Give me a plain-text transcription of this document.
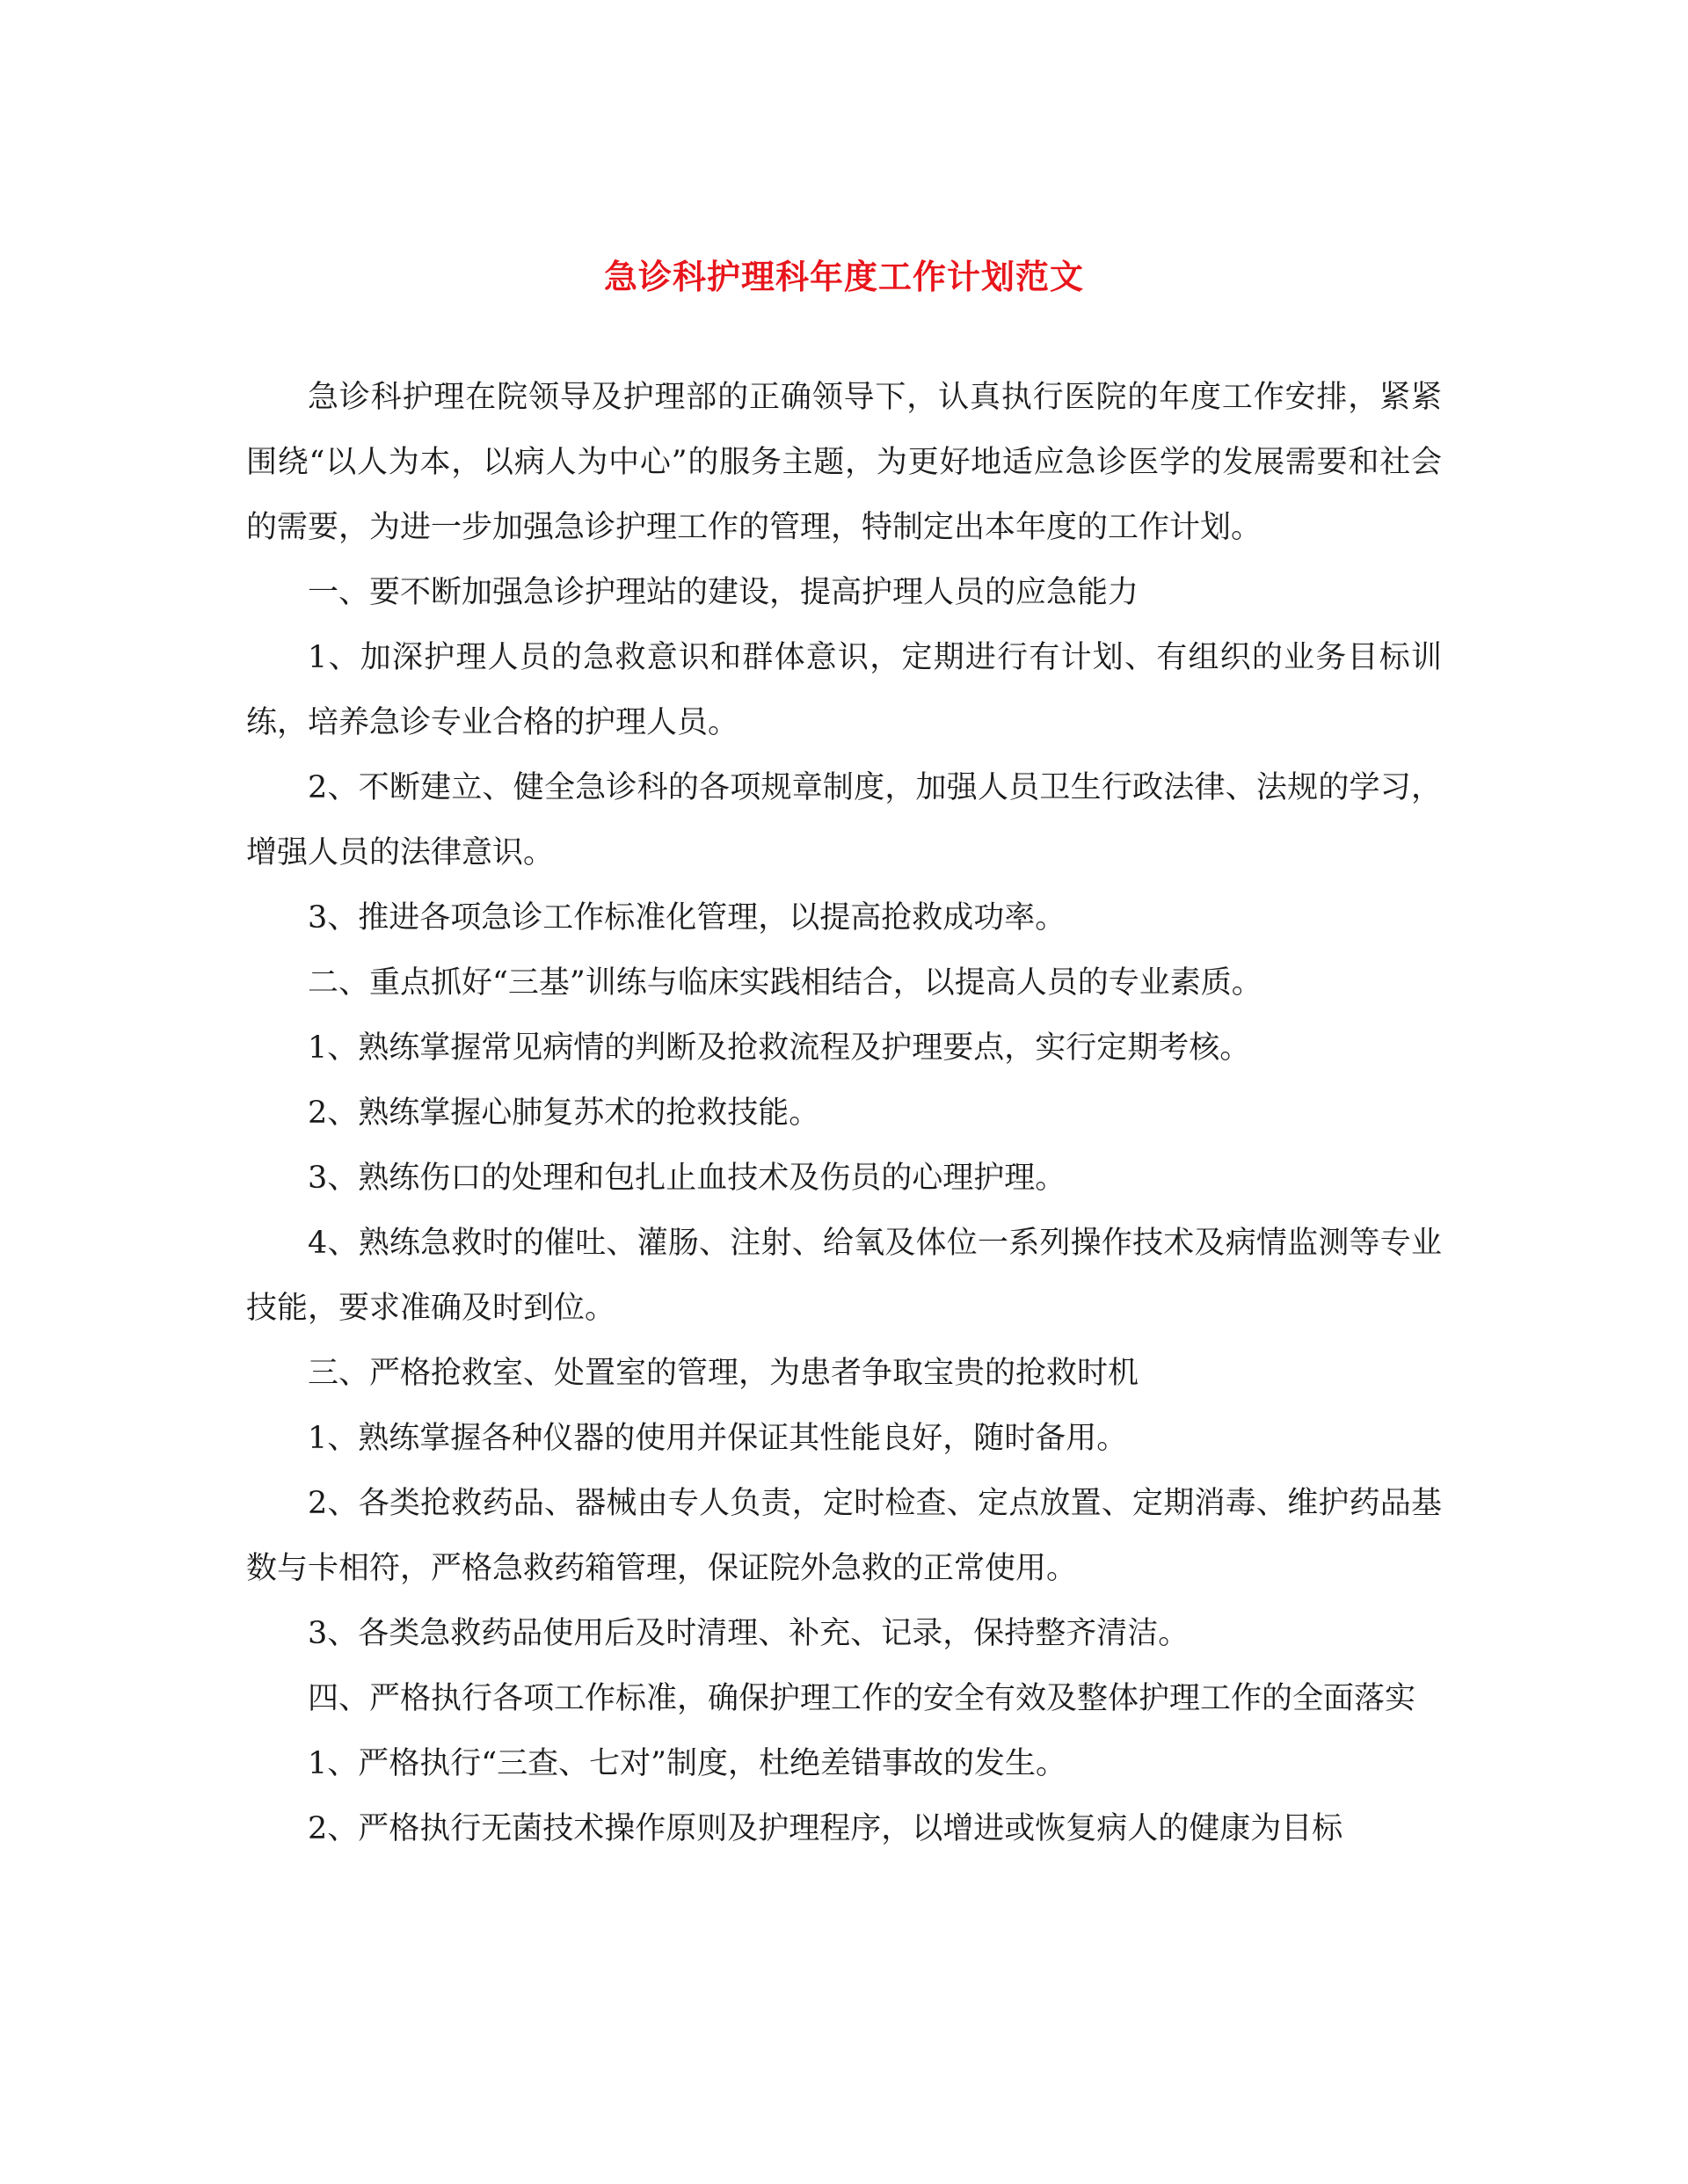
急诊科护理科年度工作计划范文

急诊科护理在院领导及护理部的正确领导下，认真执行医院的年度工作安排，紧紧围绕“以人为本，以病人为中心”的服务主题，为更好地适应急诊医学的发展需要和社会的需要，为进一步加强急诊护理工作的管理，特制定出本年度的工作计划。

一、要不断加强急诊护理站的建设，提高护理人员的应急能力

1、加深护理人员的急救意识和群体意识，定期进行有计划、有组织的业务目标训练，培养急诊专业合格的护理人员。

2、不断建立、健全急诊科的各项规章制度，加强人员卫生行政法律、法规的学习，增强人员的法律意识。

3、推进各项急诊工作标准化管理，以提高抢救成功率。

二、重点抓好“三基”训练与临床实践相结合，以提高人员的专业素质。

1、熟练掌握常见病情的判断及抢救流程及护理要点，实行定期考核。

2、熟练掌握心肺复苏术的抢救技能。

3、熟练伤口的处理和包扎止血技术及伤员的心理护理。

4、熟练急救时的催吐、灌肠、注射、给氧及体位一系列操作技术及病情监测等专业技能，要求准确及时到位。

三、严格抢救室、处置室的管理，为患者争取宝贵的抢救时机

1、熟练掌握各种仪器的使用并保证其性能良好，随时备用。

2、各类抢救药品、器械由专人负责，定时检查、定点放置、定期消毒、维护药品基数与卡相符，严格急救药箱管理，保证院外急救的正常使用。

3、各类急救药品使用后及时清理、补充、记录，保持整齐清洁。

四、严格执行各项工作标准，确保护理工作的安全有效及整体护理工作的全面落实

1、严格执行“三查、七对”制度，杜绝差错事故的发生。

2、严格执行无菌技术操作原则及护理程序，以增进或恢复病人的健康为目标
